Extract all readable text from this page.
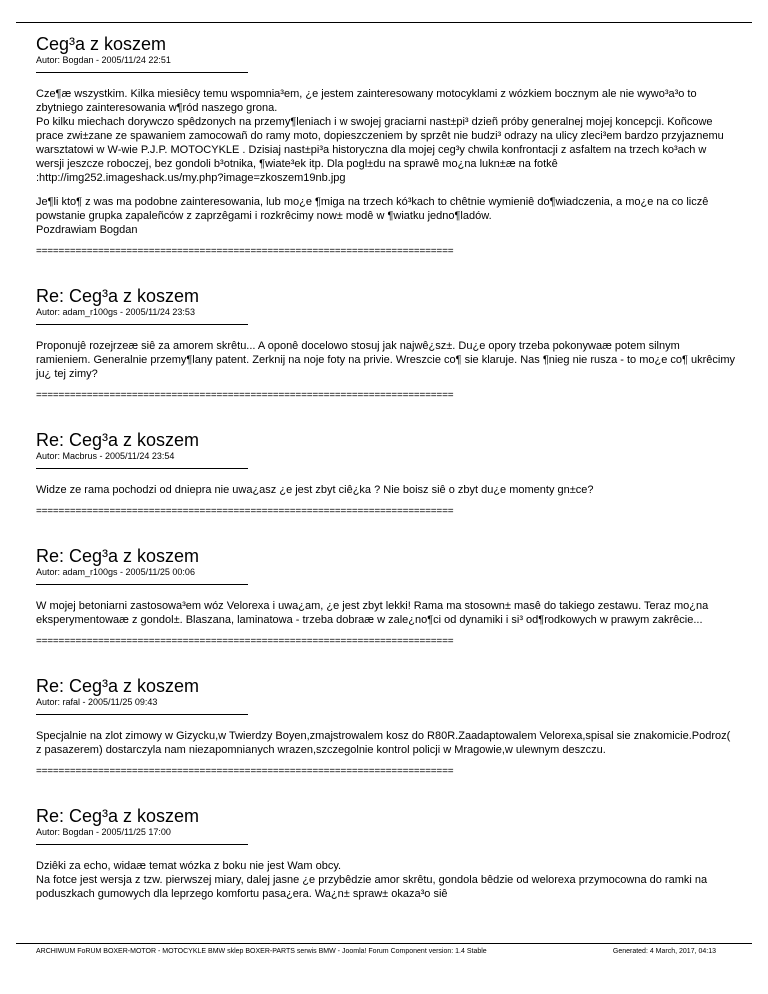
Ceg³a z koszem
Autor: Bogdan - 2005/11/24 22:51

Cze¶æ wszystkim. Kilka miesiêcy temu wspomnia³em, ¿e jestem zainteresowany motocyklami z wózkiem bocznym ale nie wywo³a³o to zbytniego zainteresowania w¶ród naszego grona.
Po kilku miechach dorywczo spêdzonych na przemy¶leniach i w swojej graciarni nast±pi³ dzieñ próby generalnej mojej koncepcji. Koñcowe prace zwi±zane ze spawaniem zamocowañ do ramy moto, dopieszczeniem by sprzêt nie budzi³ odrazy na ulicy zleci³em bardzo przyjaznemu warsztatowi w W-wie P.J.P. MOTOCYKLE . Dzisiaj nast±pi³a historyczna dla mojej ceg³y chwila konfrontacji z asfaltem na trzech ko³ach w wersji jeszcze roboczej, bez gondoli b³otnika, ¶wiate³ek itp. Dla pogl±du na sprawê mo¿na lukn±æ na fotkê
:http://img252.imageshack.us/my.php?image=zkoszem19nb.jpg

Je¶li kto¶ z was ma podobne zainteresowania, lub mo¿e ¶miga na trzech kó³kach to chêtnie wymieniê do¶wiadczenia, a mo¿e na co liczê powstanie grupka zapaleñców z zaprzêgami i rozkrêcimy now± modê w ¶wiatku jedno¶ladów.
Pozdrawiam Bogdan

==========================================================================
Re: Ceg³a z koszem
Autor: adam_r100gs - 2005/11/24 23:53

Proponujê rozejrzeæ siê za amorem skrêtu... A oponê docelowo stosuj jak najwê¿sz±. Du¿e opory trzeba pokonywaæ potem silnym ramieniem. Generalnie przemy¶lany patent. Zerknij na noje foty na privie. Wreszcie co¶ sie klaruje. Nas ¶nieg nie rusza - to mo¿e co¶ ukrêcimy ju¿ tej zimy?

==========================================================================
Re: Ceg³a z koszem
Autor: Macbrus - 2005/11/24 23:54

Widze ze rama pochodzi od dniepra nie uwa¿asz ¿e jest zbyt ciê¿ka ? Nie boisz siê o zbyt du¿e momenty gn±ce?

==========================================================================
Re: Ceg³a z koszem
Autor: adam_r100gs - 2005/11/25 00:06

W mojej betoniarni zastosowa³em wóz Velorexa i uwa¿am, ¿e jest zbyt lekki! Rama ma stosown± masê do takiego zestawu. Teraz mo¿na eksperymentowaæ z gondol±. Blaszana, laminatowa - trzeba dobraæ w zale¿no¶ci od dynamiki i si³ od¶rodkowych w prawym zakrêcie...

==========================================================================
Re: Ceg³a z koszem
Autor: rafal - 2005/11/25 09:43

Specjalnie na zlot zimowy w Gizycku,w Twierdzy Boyen,zmajstrowalem kosz do R80R.Zaadaptowalem Velorexa,spisal sie znakomicie.Podroz( z pasazerem) dostarczyla nam niezapomnianych wrazen,szczegolnie kontrol policji w Mragowie,w ulewnym deszczu.

==========================================================================
Re: Ceg³a z koszem
Autor: Bogdan - 2005/11/25 17:00

Dziêki za echo, widaæ temat wózka z boku nie jest Wam obcy.
Na fotce jest wersja z tzw. pierwszej miary, dalej jasne ¿e przybêdzie amor skrêtu, gondola bêdzie od welorexa przymocowna do ramki na poduszkach gumowych dla leprzego komfortu pasa¿era. Wa¿n± spraw± okaza³o siê

ARCHIWUM FoRUM BOXER-MOTOR - MOTOCYKLE BMW sklep BOXER-PARTS serwis BMW - Joomla! Forum Component version: 1.4 Stable	Generated: 4 March, 2017, 04:13
